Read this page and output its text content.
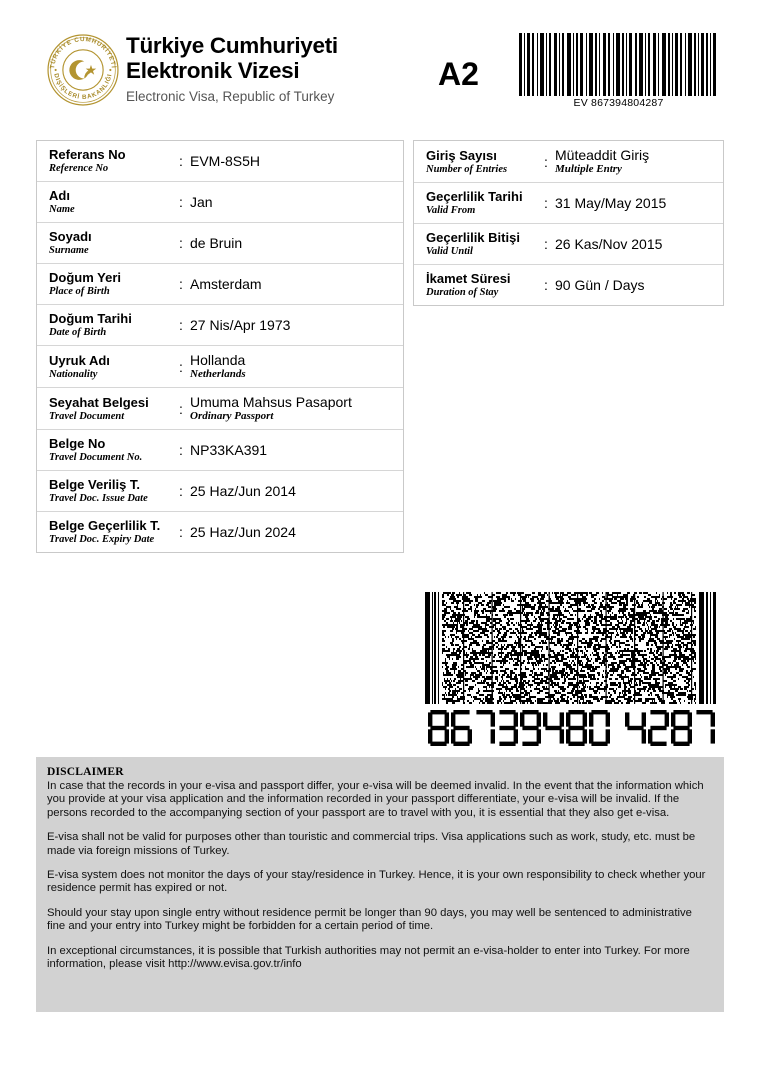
TÜRKİYE CUMHURİYETİ
DIŞİŞLERİ BAKANLIĞI
Türkiye Cumhuriyeti
Elektronik Vizesi
Electronic Visa, Republic of Turkey
A2
EV 867394804287
Referans No
Reference No	: EVM-8S5H
Adı
Name	: Jan
Soyadı
Surname	: de Bruin
Doğum Yeri
Place of Birth	: Amsterdam
Doğum Tarihi
Date of Birth	: 27 Nis/Apr 1973
Uyruk Adı
Nationality	: Hollanda
Netherlands
Seyahat Belgesi
Travel Document	: Umuma Mahsus Pasaport
Ordinary Passport
Belge No
Travel Document No.	: NP33KA391
Belge Veriliş T.
Travel Doc. Issue Date	: 25 Haz/Jun 2014
Belge Geçerlilik T.
Travel Doc. Expiry Date	: 25 Haz/Jun 2024
Giriş Sayısı
Number of Entries	: Müteaddit Giriş
Multiple Entry
Geçerlilik Tarihi
Valid From	: 31 May/May 2015
Geçerlilik Bitişi
Valid Until	: 26 Kas/Nov 2015
İkamet Süresi
Duration of Stay	: 90 Gün / Days
DISCLAIMER

In case that the records in your e-visa and passport differ, your e-visa will be deemed invalid. In the event that the information which you provide at your visa application and the information recorded in your passport differentiate, your e-visa will be invalid. If the persons recorded to the accompanying section of your passport are to travel with you, it is essential that they also get e-visa.

E-visa shall not be valid for purposes other than touristic and commercial trips. Visa applications such as work, study, etc. must be made via foreign missions of Turkey.

E-visa system does not monitor the days of your stay/residence in Turkey. Hence, it is your own responsibility to check whether your residence permit has expired or not.

Should your stay upon single entry without residence permit be longer than 90 days, you may well be sentenced to administrative fine and your entry into Turkey might be forbidden for a certain period of time.

In exceptional circumstances, it is possible that Turkish authorities may not permit an e-visa-holder to enter into Turkey. For more information, please visit http://www.evisa.gov.tr/info
